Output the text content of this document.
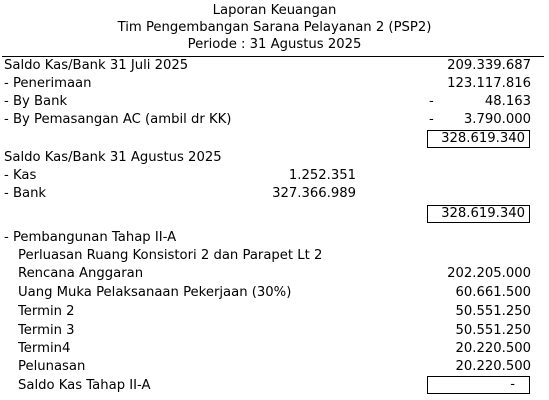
Laporan Keuangan
Tim Pengembangan Sarana Pelayanan 2 (PSP2)
Periode : 31 Agustus 2025
Saldo Kas/Bank 31 Juli 2025	209.339.687
- Penerimaan	123.117.816
- By Bank	-	48.163
- By Pemasangan AC (ambil dr KK)	- 3.790.000
328.619.340
Saldo Kas/Bank 31 Agustus 2025
- Kas	1.252.351
- Bank	327.366.989
328.619.340
- Pembangunan Tahap II-A
Perluasan Ruang Konsistori 2 dan Parapet Lt 2
Rencana Anggaran	202.205.000
Uang Muka Pelaksanaan Pekerjaan (30%)	60.661.500
Termin 2	50.551.250
Termin 3	50.551.250
Termin4	20.220.500
Pelunasan	20.220.500
Saldo Kas Tahap II-A	-
